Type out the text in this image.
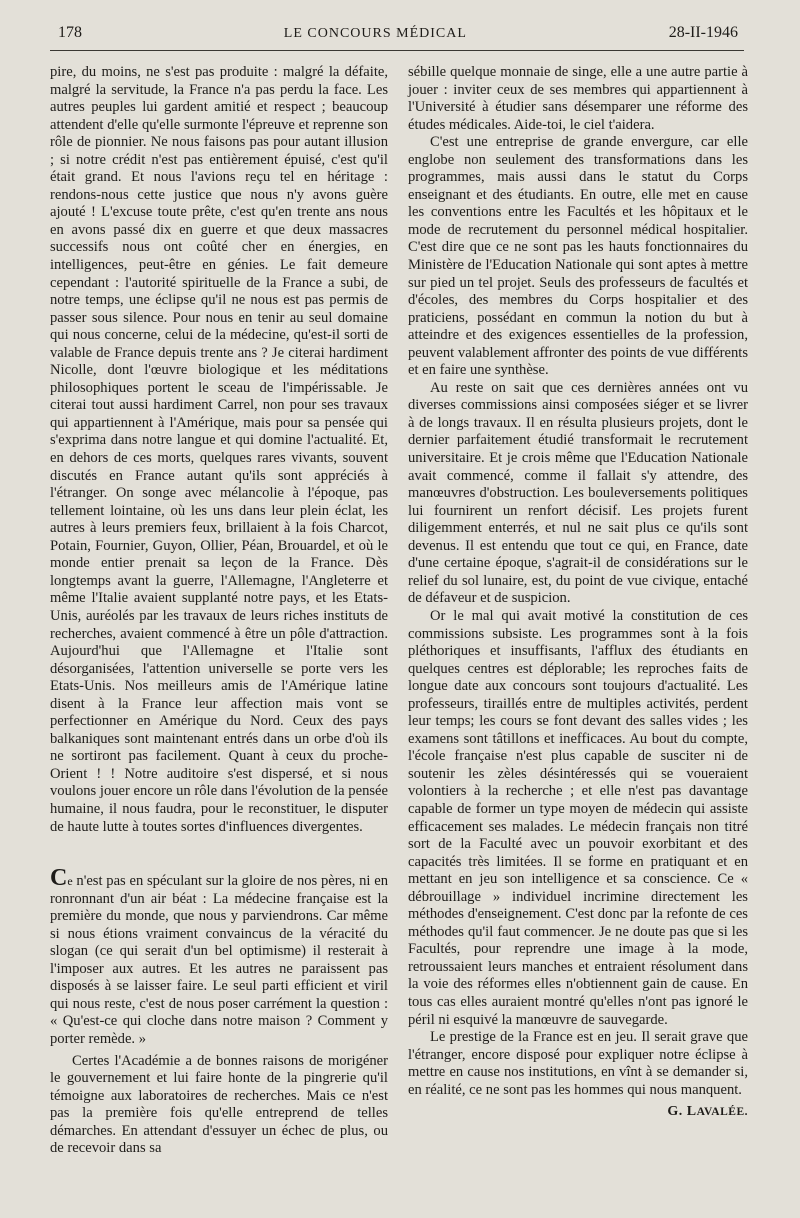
178	LE CONCOURS MÉDICAL	28-II-1946

pire, du moins, ne s'est pas produite : malgré la défaite, malgré la servitude, la France n'a pas perdu la face. Les autres peuples lui gardent amitié et respect ; beaucoup attendent d'elle qu'elle surmonte l'épreuve et reprenne son rôle de pionnier. Ne nous faisons pas pour autant illusion ; si notre crédit n'est pas entièrement épuisé, c'est qu'il était grand. Et nous l'avions reçu tel en héritage : rendons-nous cette justice que nous n'y avons guère ajouté ! L'excuse toute prête, c'est qu'en trente ans nous en avons passé dix en guerre et que deux massacres successifs nous ont coûté cher en énergies, en intelligences, peut-être en génies. Le fait demeure cependant : l'autorité spirituelle de la France a subi, de notre temps, une éclipse qu'il ne nous est pas permis de passer sous silence. Pour nous en tenir au seul domaine qui nous concerne, celui de la médecine, qu'est-il sorti de valable de France depuis trente ans ? Je citerai hardiment Nicolle, dont l'œuvre biologique et les méditations philosophiques portent le sceau de l'impérissable. Je citerai tout aussi hardiment Carrel, non pour ses travaux qui appartiennent à l'Amérique, mais pour sa pensée qui s'exprima dans notre langue et qui domine l'actualité. Et, en dehors de ces morts, quelques rares vivants, souvent discutés en France autant qu'ils sont appréciés à l'étranger. On songe avec mélancolie à l'époque, pas tellement lointaine, où les uns dans leur plein éclat, les autres à leurs premiers feux, brillaient à la fois Charcot, Potain, Fournier, Guyon, Ollier, Péan, Brouardel, et où le monde entier prenait sa leçon de la France. Dès longtemps avant la guerre, l'Allemagne, l'Angleterre et même l'Italie avaient supplanté notre pays, et les Etats-Unis, auréolés par les travaux de leurs riches instituts de recherches, avaient commencé à être un pôle d'attraction. Aujourd'hui que l'Allemagne et l'Italie sont désorganisées, l'attention universelle se porte vers les Etats-Unis. Nos meilleurs amis de l'Amérique latine disent à la France leur affection mais vont se perfectionner en Amérique du Nord. Ceux des pays balkaniques sont maintenant entrés dans un orbe d'où ils ne sortiront pas facilement. Quant à ceux du proche-Orient ! ! Notre auditoire s'est dispersé, et si nous voulons jouer encore un rôle dans l'évolution de la pensée humaine, il nous faudra, pour le reconstituer, le disputer de haute lutte à toutes sortes d'influences divergentes.

Ce n'est pas en spéculant sur la gloire de nos pères, ni en ronronnant d'un air béat : La médecine française est la première du monde, que nous y parviendrons. Car même si nous étions vraiment convaincus de la véracité du slogan (ce qui serait d'un bel optimisme) il resterait à l'imposer aux autres. Et les autres ne paraissent pas disposés à se laisser faire. Le seul parti efficient et viril qui nous reste, c'est de nous poser carrément la question : « Qu'est-ce qui cloche dans notre maison ? Comment y porter remède. »

Certes l'Académie a de bonnes raisons de morigéner le gouvernement et lui faire honte de la pingrerie qu'il témoigne aux laboratoires de recherches. Mais ce n'est pas la première fois qu'elle entreprend de telles démarches. En attendant d'essuyer un échec de plus, ou de recevoir dans sa

sébille quelque monnaie de singe, elle a une autre partie à jouer : inviter ceux de ses membres qui appartiennent à l'Université à étudier sans désemparer une réforme des études médicales. Aide-toi, le ciel t'aidera.

C'est une entreprise de grande envergure, car elle englobe non seulement des transformations dans les programmes, mais aussi dans le statut du Corps enseignant et des étudiants. En outre, elle met en cause les conventions entre les Facultés et les hôpitaux et le mode de recrutement du personnel médical hospitalier. C'est dire que ce ne sont pas les hauts fonctionnaires du Ministère de l'Education Nationale qui sont aptes à mettre sur pied un tel projet. Seuls des professeurs de facultés et d'écoles, des membres du Corps hospitalier et des praticiens, possédant en commun la notion du but à atteindre et des exigences essentielles de la profession, peuvent valablement affronter des points de vue différents et en faire une synthèse.

Au reste on sait que ces dernières années ont vu diverses commissions ainsi composées siéger et se livrer à de longs travaux. Il en résulta plusieurs projets, dont le dernier parfaitement étudié transformait le recrutement universitaire. Et je crois même que l'Education Nationale avait commencé, comme il fallait s'y attendre, des manœuvres d'obstruction. Les bouleversements politiques lui fournirent un renfort décisif. Les projets furent diligemment enterrés, et nul ne sait plus ce qu'ils sont devenus. Il est entendu que tout ce qui, en France, date d'une certaine époque, s'agrait-il de considérations sur le relief du sol lunaire, est, du point de vue civique, entaché de défaveur et de suspicion.

Or le mal qui avait motivé la constitution de ces commissions subsiste. Les programmes sont à la fois pléthoriques et insuffisants, l'afflux des étudiants en quelques centres est déplorable; les reproches faits de longue date aux concours sont toujours d'actualité. Les professeurs, tiraillés entre de multiples activités, perdent leur temps; les cours se font devant des salles vides ; les examens sont tâtillons et inefficaces. Au bout du compte, l'école française n'est plus capable de susciter ni de soutenir les zèles désintéressés qui se voueraient volontiers à la recherche ; et elle n'est pas davantage capable de former un type moyen de médecin qui assiste efficacement ses malades. Le médecin français non titré sort de la Faculté avec un pouvoir exorbitant et des capacités très limitées. Il se forme en pratiquant et en mettant en jeu son intelligence et sa conscience. Ce « débrouillage » individuel incrimine directement les méthodes d'enseignement. C'est donc par la refonte de ces méthodes qu'il faut commencer. Je ne doute pas que si les Facultés, pour reprendre une image à la mode, retroussaient leurs manches et entraient résolument dans la voie des réformes elles n'obtiennent gain de cause. En tous cas elles auraient montré qu'elles n'ont pas ignoré le péril ni esquivé la manœuvre de sauvegarde.

Le prestige de la France est en jeu. Il serait grave que l'étranger, encore disposé pour expliquer notre éclipse à mettre en cause nos institutions, en vînt à se demander si, en réalité, ce ne sont pas les hommes qui nous manquent.

G. LAVALÉE.
